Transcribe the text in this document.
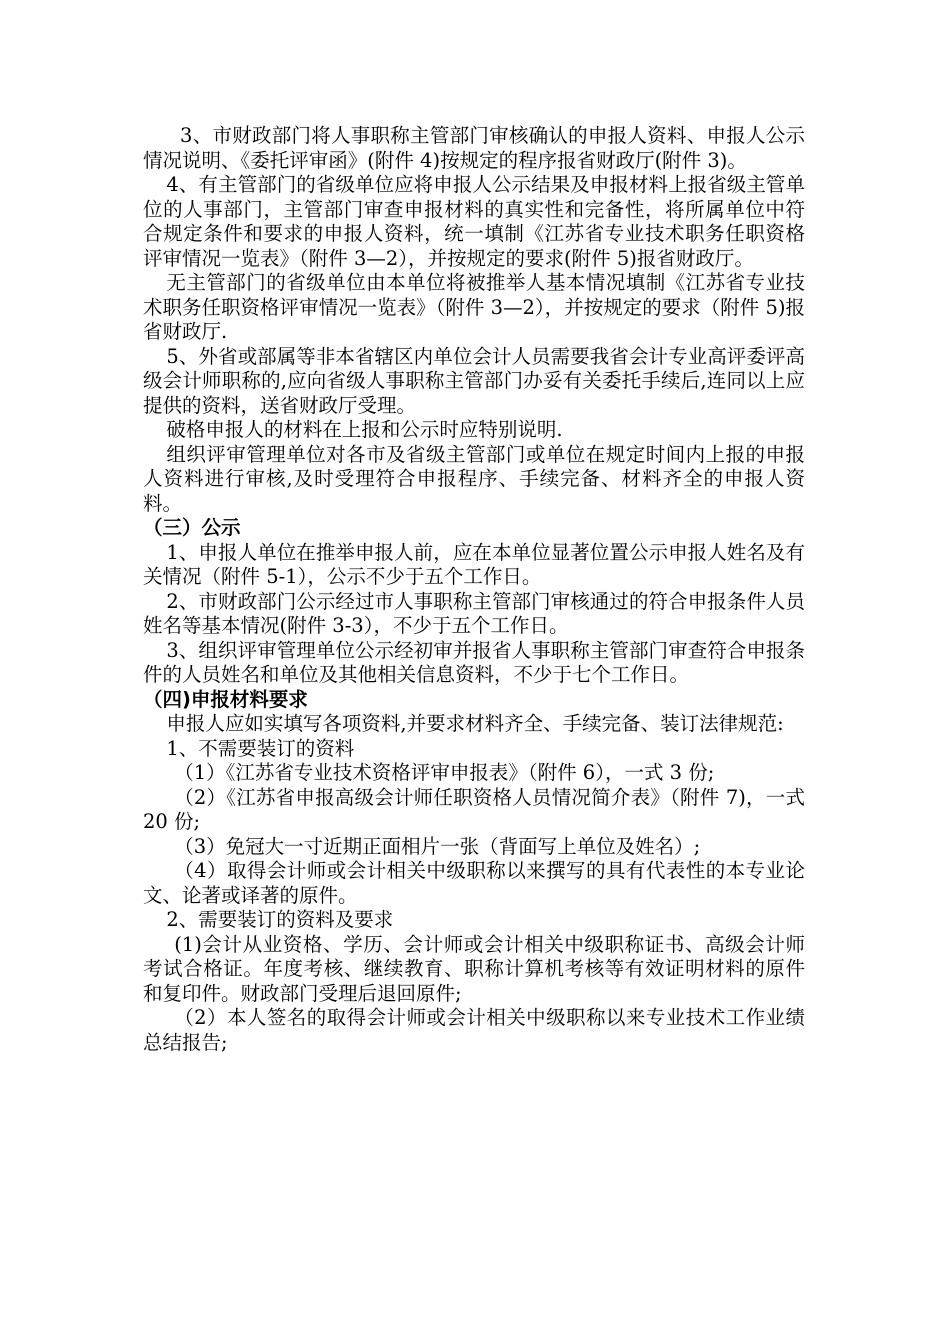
3、市财政部门将人事职称主管部门审核确认的申报人资料、申报人公示情况说明、《委托评审函》(附件 4)按规定的程序报省财政厅(附件 3)。

4、有主管部门的省级单位应将申报人公示结果及申报材料上报省级主管单位的人事部门，主管部门审查申报材料的真实性和完备性，将所属单位中符合规定条件和要求的申报人资料，统一填制《江苏省专业技术职务任职资格评审情况一览表》（附件 3—2），并按规定的要求(附件 5)报省财政厅。

无主管部门的省级单位由本单位将被推举人基本情况填制《江苏省专业技术职务任职资格评审情况一览表》（附件 3—2），并按规定的要求（附件 5)报省财政厅.

5、外省或部属等非本省辖区内单位会计人员需要我省会计专业高评委评高级会计师职称的,应向省级人事职称主管部门办妥有关委托手续后,连同以上应提供的资料，送省财政厅受理。

破格申报人的材料在上报和公示时应特别说明.

组织评审管理单位对各市及省级主管部门或单位在规定时间内上报的申报人资料进行审核,及时受理符合申报程序、手续完备、材料齐全的申报人资料。

（三）公示

1、申报人单位在推举申报人前，应在本单位显著位置公示申报人姓名及有关情况（附件 5-1），公示不少于五个工作日。

2、市财政部门公示经过市人事职称主管部门审核通过的符合申报条件人员姓名等基本情况(附件 3-3），不少于五个工作日。

3、组织评审管理单位公示经初审并报省人事职称主管部门审查符合申报条件的人员姓名和单位及其他相关信息资料，不少于七个工作日。

（四)申报材料要求

申报人应如实填写各项资料,并要求材料齐全、手续完备、装订法律规范:

1、不需要装订的资料

（1）《江苏省专业技术资格评审申报表》（附件 6），一式 3 份;

（2）《江苏省申报高级会计师任职资格人员情况简介表》（附件 7)，一式 20 份;

（3）免冠大一寸近期正面相片一张（背面写上单位及姓名）;

（4）取得会计师或会计相关中级职称以来撰写的具有代表性的本专业论文、论著或译著的原件。

2、需要装订的资料及要求

(1)会计从业资格、学历、会计师或会计相关中级职称证书、高级会计师考试合格证。年度考核、继续教育、职称计算机考核等有效证明材料的原件和复印件。财政部门受理后退回原件;

（2）本人签名的取得会计师或会计相关中级职称以来专业技术工作业绩总结报告;
